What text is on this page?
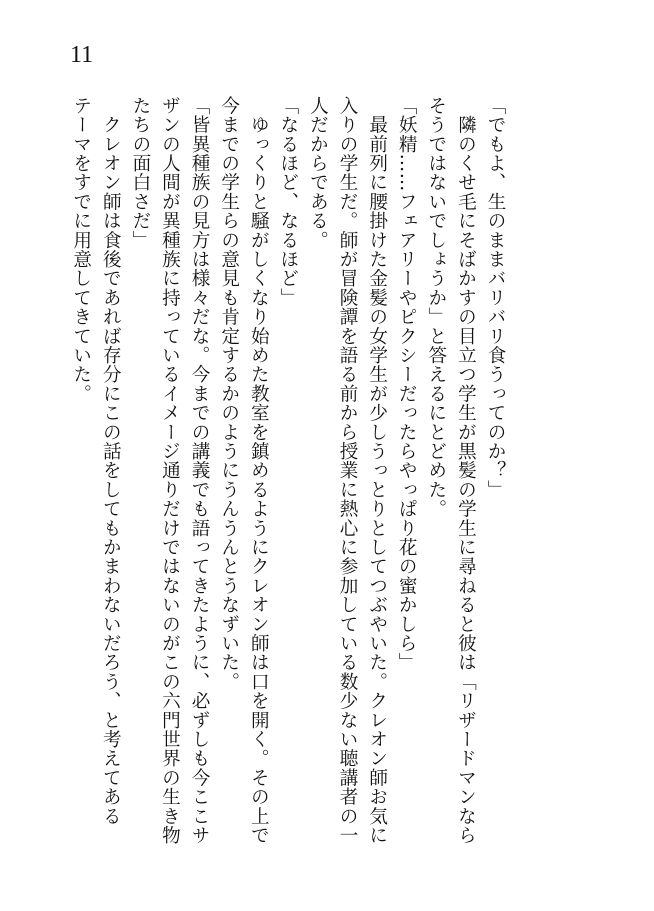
11
「でもよ、生のままバリバリ食うってのか？」
　隣のくせ毛にそばかすの目立つ学生が黒髪の学生に尋ねると彼は「リザードマンなら
そうではないでしょうか」と答えるにとどめた。
「妖精……フェアリーやピクシーだったらやっぱり花の蜜かしら」
　最前列に腰掛けた金髪の女学生が少しうっとりとしてつぶやいた。クレオン師お気に
入りの学生だ。師が冒険譚を語る前から授業に熱心に参加している数少ない聴講者の一
人だからである。
「なるほど、なるほど」
　ゆっくりと騒がしくなり始めた教室を鎮めるようにクレオン師は口を開く。その上で
今までの学生らの意見も肯定するかのようにうんうんとうなずいた。
「皆異種族の見方は様々だな。今までの講義でも語ってきたように、必ずしも今ここサ
ザンの人間が異種族に持っているイメージ通りだけではないのがこの六門世界の生き物
たちの面白さだ」
　クレオン師は食後であれば存分にこの話をしてもかまわないだろう、と考えてある
テーマをすでに用意してきていた。
